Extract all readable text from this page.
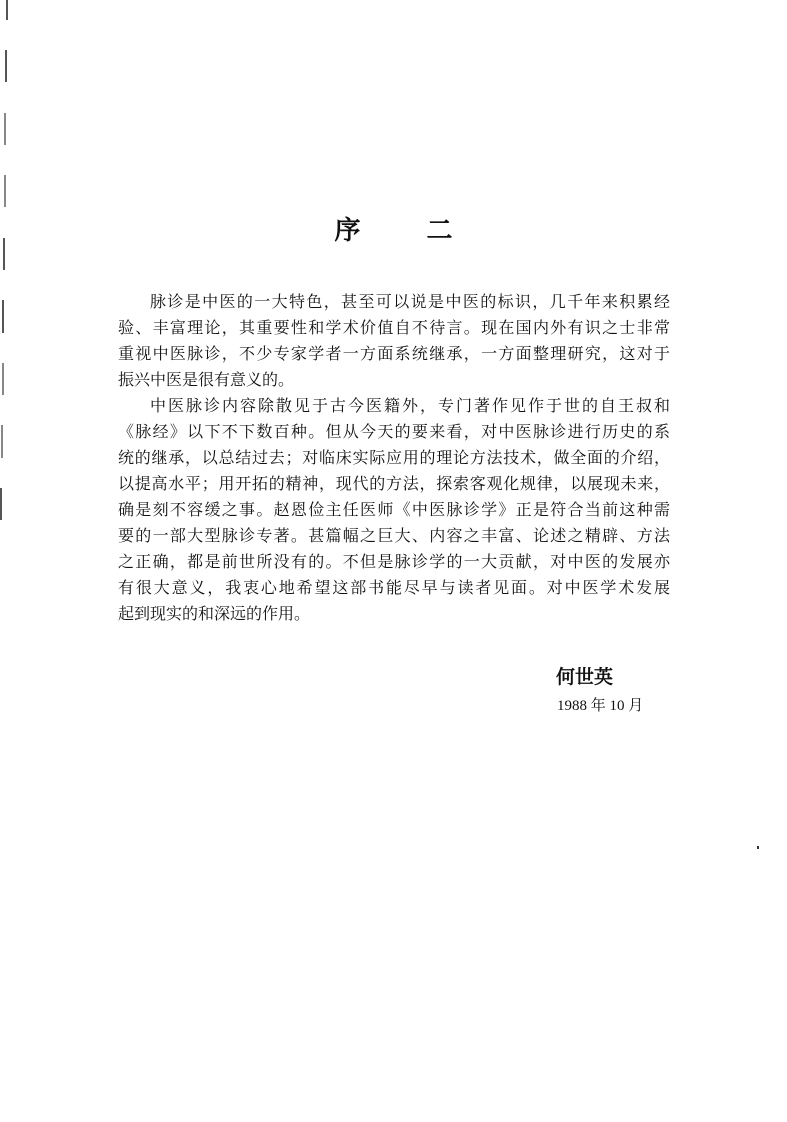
序	二

脉诊是中医的一大特色，甚至可以说是中医的标识，几千年来积累经

验、丰富理论，其重要性和学术价值自不待言。现在国内外有识之士非常
重视中医脉诊，不少专家学者一方面系统继承，一方面整理研究，这对于
振兴中医是很有意义的。

中医脉诊内容除散见于古今医籍外，专门著作见作于世的自王叔和

《脉经》以下不下数百种。但从今天的要来看，对中医脉诊进行历史的系
统的继承，以总结过去；对临床实际应用的理论方法技术，做全面的介绍，
以提高水平；用开拓的精神，现代的方法，探索客观化规律，以展现未来，
确是刻不容缓之事。赵恩俭主任医师《中医脉诊学》正是符合当前这种需
要的一部大型脉诊专著。甚篇幅之巨大、内容之丰富、论述之精辟、方法
之正确，都是前世所没有的。不但是脉诊学的一大贡献，对中医的发展亦
有很大意义，我衷心地希望这部书能尽早与读者见面。对中医学术发展
起到现实的和深远的作用。
何世英
1988 年 10 月
